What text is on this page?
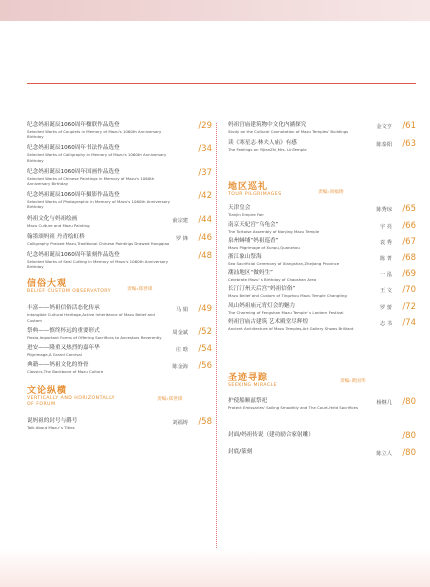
纪念妈祖诞辰1060周年楹联作品选登
Selected Works of Couplets in Memory of Mazu's 1060th Anniversary Birthday
/29
纪念妈祖诞辰1060周年书法作品选登
Selected Works of Calligraphy in Memory of Mazu's 1060th Anniversary Birthday
/34
纪念妈祖诞辰1060周年国画作品选登
Selected Works of Chinese Paintings in Memory of Mazu's 1060th Anniversary Birthday
/37
纪念妈祖诞辰1060周年摄影作品选登
Selected Works of Photographic in Memory of Mazu's 1060th Anniversary Birthday
/42
妈祖文化与妈祖绘画
Mazu Culture and Mazu Painting
俞宗建 /44
翰墨颂妈祖 丹青绘虹桥
Calligraphy Praised Mazu,Traditional Chinese Paintings Drawed Hongqiao
罗 锋 /46
纪念妈祖诞辰1060周年篆刻作品选登
Selected Works of Seal Cutting in Memory of Mazu's 1060th Anniversary Birthday
/48
信俗大观
BELIEF CUSTOM OBSERVATORY	责编:郑世锋
丰富——妈祖信俗活态化传承
Intangible Cultural Heritage,Active Inheritance of Mazu Belief and Custom
马 娟 /49
祭典——慎终怀远的重要形式
Fiesta,Important Forms of Offering Sacrifices to Ancestors Reverently
周金斌 /52
进安——隆重又热烈的嘉年华
Pilgrimage,A Grand Carnival
庄 晗 /54
典籍——妈祖文化的脊骨
Classics,The Backbone of Mazu Culture
陈金海 /56
文论纵横
VERTICALLY AND HORIZONTALLY OF FORUM
责编:郑世锋
说妈祖的封号与爵号
Talk About Mazu' s Titles
刘福铸 /58
妈祖宫庙建筑物中文化内涵探究
Study on the Cultural Connotation of Mazu Temples' Buildings
金文亨 /61
读《寒星志·林夫人庙》有感
The Feelings on YiJianZhi,Mrs. LinTemple
陈泰阳 /63
地区巡礼
TOUR PILGRIMAGES	责编:刘福铸
天津皇会
Tianjin Empire Fair
陈秀琼 /65
南京天妃宫“乌龟会”
The Tortoise Assembly of Nanjing Mazu Temple
宇 亮 /66
泉州蟳埔“妈祖巡香”
Mazu Pilgrimage of Xunpu,Quanzhou
袁 秀 /67
浙江象山祭海
Sea Sacrificial Ceremony of Xiangshan,Zhejiang Province
陈 菁 /68
潮汕地区“做妈生”
Celebrate Mazu' s Birthday of Chaoshan Area
一 泓 /69
长汀汀州天后宫“妈祖信俗”
Mazu Belief and Custom of Tingzhou Mazu Temple Changting
王 文 /70
凤山妈祖庙元宵灯会的魅力
The Charming of Fengshan Mazu Temple' s Lantern Festival
罗 蕾 /72
妈祖宫庙古建筑 艺术殿堂尽辉煌
Ancient Architecture of Mazu Temples,Art Gallery Shows Brilliant
志 书 /74
圣迹寻踪
SEEKING MIRACLE
责编:黄国华
护使船顺兹祭祀
Protect Emissaries' Sailing Smoothly and The Court-Held Sacrifices
杨继几 /80
封面/妈祖传说（建功励合家射雕）	/80
封底/篆刻	陈立人 /80
